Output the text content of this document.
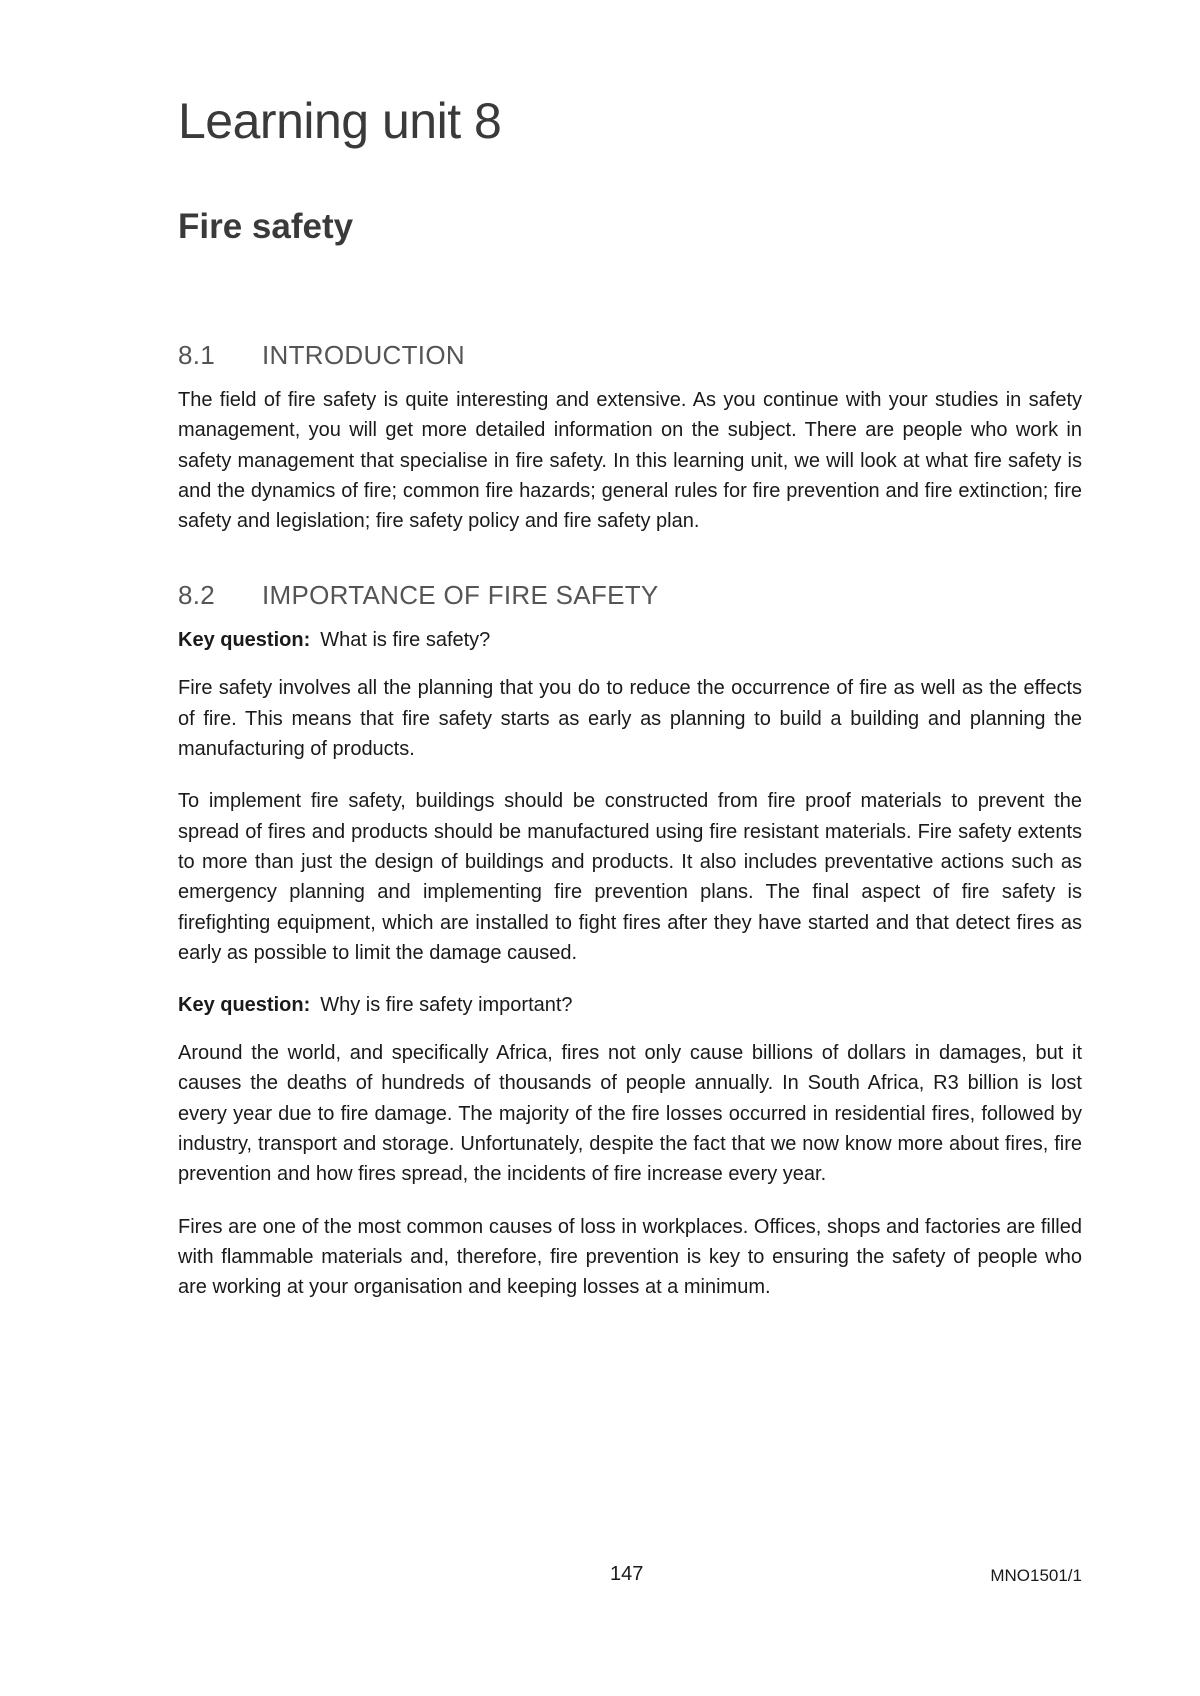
Learning unit 8
Fire safety
8.1	INTRODUCTION

The field of fire safety is quite interesting and extensive. As you continue with your studies in safety management, you will get more detailed information on the subject. There are people who work in safety management that specialise in fire safety. In this learning unit, we will look at what fire safety is and the dynamics of fire; common fire hazards; general rules for fire prevention and fire extinction; fire safety and legislation; fire safety policy and fire safety plan.

8.2	IMPORTANCE OF FIRE SAFETY

Key question: What is fire safety?

Fire safety involves all the planning that you do to reduce the occurrence of fire as well as the effects of fire. This means that fire safety starts as early as planning to build a building and planning the manufacturing of products.

To implement fire safety, buildings should be constructed from fire proof materials to prevent the spread of fires and products should be manufactured using fire resistant materials. Fire safety extents to more than just the design of buildings and products. It also includes preventative actions such as emergency planning and implementing fire prevention plans. The final aspect of fire safety is firefighting equipment, which are installed to fight fires after they have started and that detect fires as early as possible to limit the damage caused.

Key question: Why is fire safety important?

Around the world, and specifically Africa, fires not only cause billions of dollars in damages, but it causes the deaths of hundreds of thousands of people annually. In South Africa, R3 billion is lost every year due to fire damage. The majority of the fire losses occurred in residential fires, followed by industry, transport and storage. Unfortunately, despite the fact that we now know more about fires, fire prevention and how fires spread, the incidents of fire increase every year.

Fires are one of the most common causes of loss in workplaces. Offices, shops and factories are filled with flammable materials and, therefore, fire prevention is key to ensuring the safety of people who are working at your organisation and keeping losses at a minimum.

147	MNO1501/1
